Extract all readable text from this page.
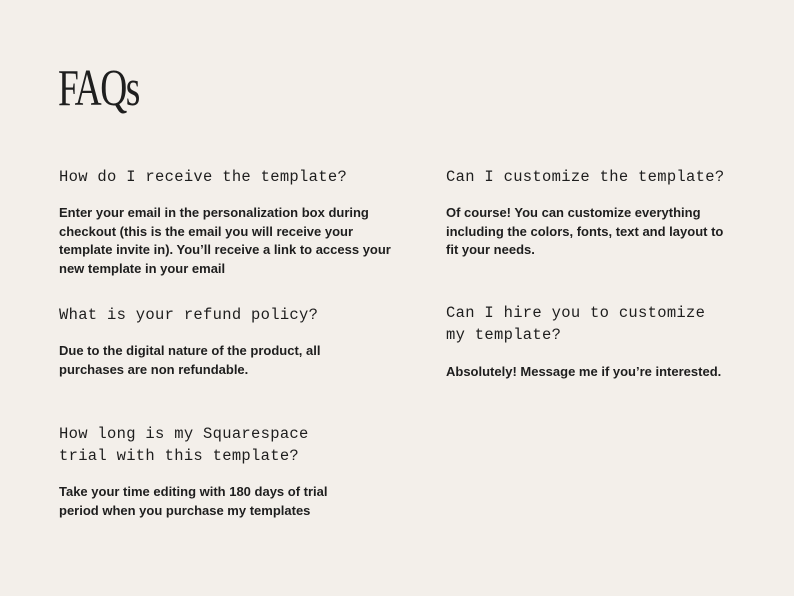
FAQs

How do I receive the template?

Enter your email in the personalization box during checkout (this is the email you will receive your template invite in). You’ll receive a link to access your new template in your email

Can I customize the template?

Of course! You can customize everything including the colors, fonts, text and layout to fit your needs.

What is your refund policy?

Due to the digital nature of the product, all purchases are non refundable.

Can I hire you to customize
my template?

Absolutely! Message me if you’re interested.

How long is my Squarespace
trial with this template?

Take your time editing with 180 days of trial period when you purchase my templates
